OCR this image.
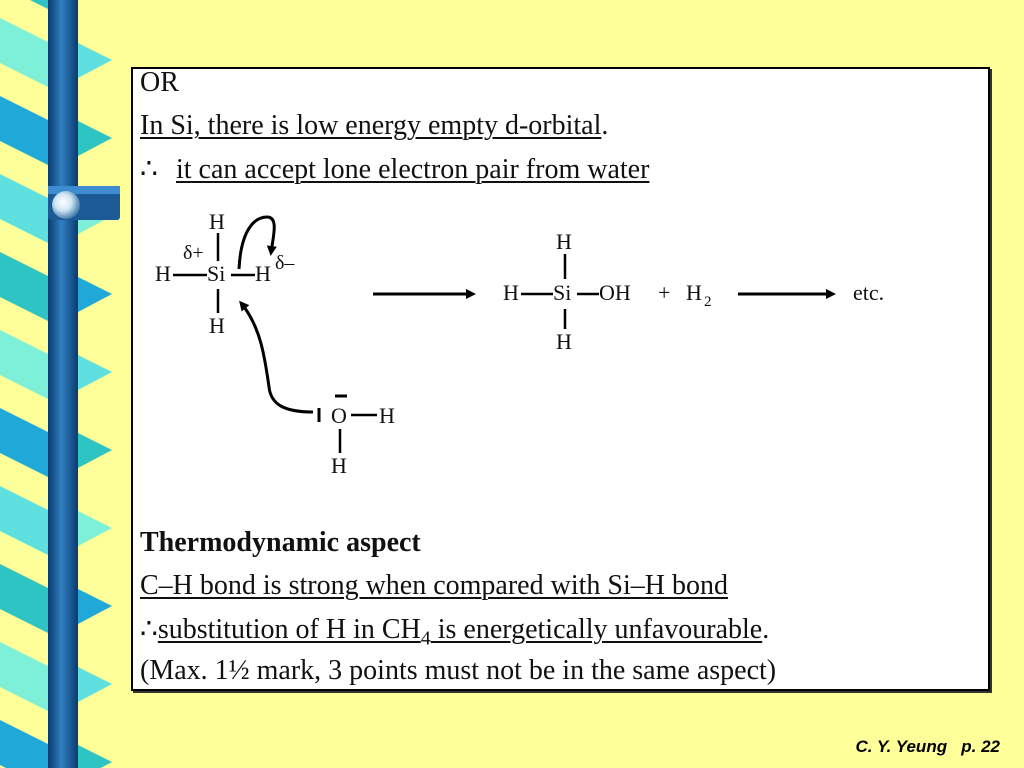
OR
In Si, there is low energy empty d-orbital.
∴ it can accept lone electron pair from water
H
δ+
H Si H δ–
H
O H
H
H
H Si OH
H
+ H 2	etc.
Thermodynamic aspect
C–H bond is strong when compared with Si–H bond
∴substitution of H in $CH_4$ is energetically unfavourable.
(Max. 1½ mark, 3 points must not be in the same aspect)
C. Y. Yeung   p. 22
